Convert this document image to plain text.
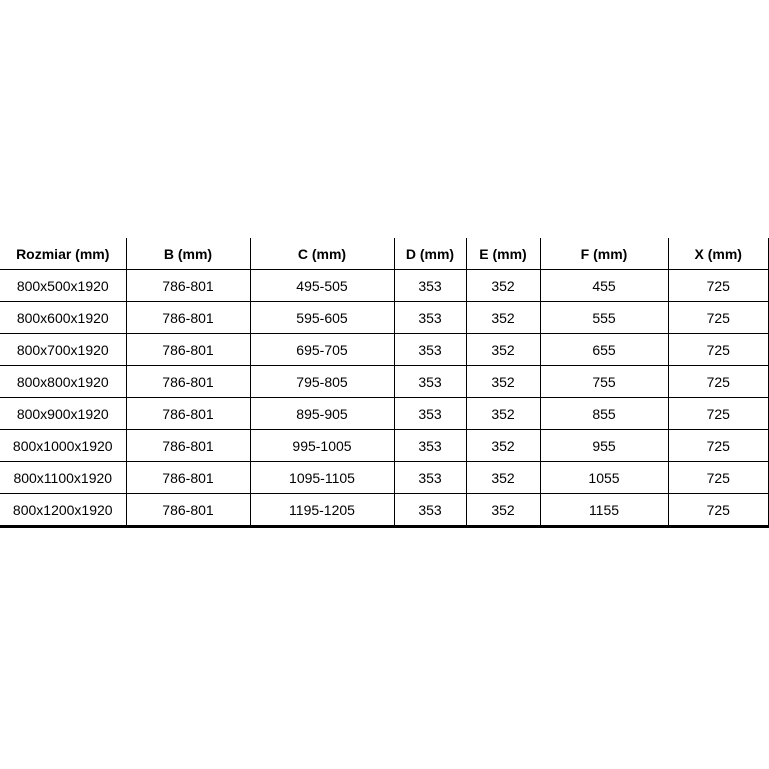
Rozmiar (mm)	B (mm)	C (mm)	D (mm)	E (mm)	F (mm)	X (mm)
800x500x1920	786-801	495-505	353	352	455	725
800x600x1920	786-801	595-605	353	352	555	725
800x700x1920	786-801	695-705	353	352	655	725
800x800x1920	786-801	795-805	353	352	755	725
800x900x1920	786-801	895-905	353	352	855	725
800x1000x1920	786-801	995-1005	353	352	955	725
800x1100x1920	786-801	1095-1105	353	352	1055	725
800x1200x1920	786-801	1195-1205	353	352	1155	725
